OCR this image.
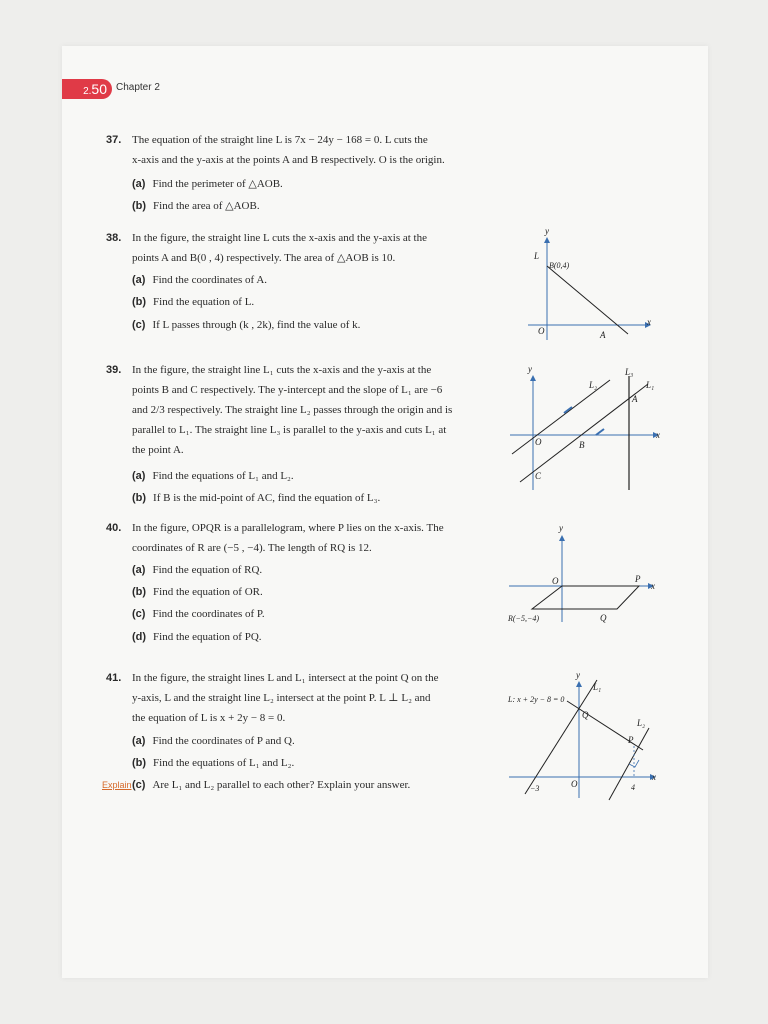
2.50 Chapter 2
37. The equation of the straight line L is 7x − 24y − 168 = 0. L cuts the
x-axis and the y-axis at the points A and B respectively. O is the origin.
(a) Find the perimeter of △AOB.
(b) Find the area of △AOB.
38. In the figure, the straight line L cuts the x-axis and the y-axis at the
points A and B(0 , 4) respectively. The area of △AOB is 10.
(a) Find the coordinates of A.
(b) Find the equation of L.
(c) If L passes through (k , 2k), find the value of k.
y
x
L
B(0,4)
O	A
39. In the figure, the straight line L₁ cuts the x-axis and the y-axis at the
points B and C respectively. The y-intercept and the slope of L₁ are −6
and 2/3 respectively. The straight line L₂ passes through the origin and is
parallel to L₁. The straight line L₃ is parallel to the y-axis and cuts L₁ at
the point A.
(a) Find the equations of L₁ and L₂.
(b) If B is the mid-point of AC, find the equation of L₃.
y
x
L₂
L₃
L₁
A
O	B
C
40. In the figure, OPQR is a parallelogram, where P lies on the x-axis. The
coordinates of R are (−5 , −4). The length of RQ is 12.
(a) Find the equation of RQ.
(b) Find the equation of OR.
(c) Find the coordinates of P.
(d) Find the equation of PQ.
y
x
O	P
R(−5,−4)	Q
41. In the figure, the straight lines L and L₁ intersect at the point Q on the
y-axis, L and the straight line L₂ intersect at the point P. L ⊥ L₂ and
the equation of L is x + 2y − 8 = 0.
(a) Find the coordinates of P and Q.
(b) Find the equations of L₁ and L₂.
Explain (c) Are L₁ and L₂ parallel to each other? Explain your answer.
y
x
L₁
L: x + 2y − 8 = 0
Q
L₂
P
−3	O	4
